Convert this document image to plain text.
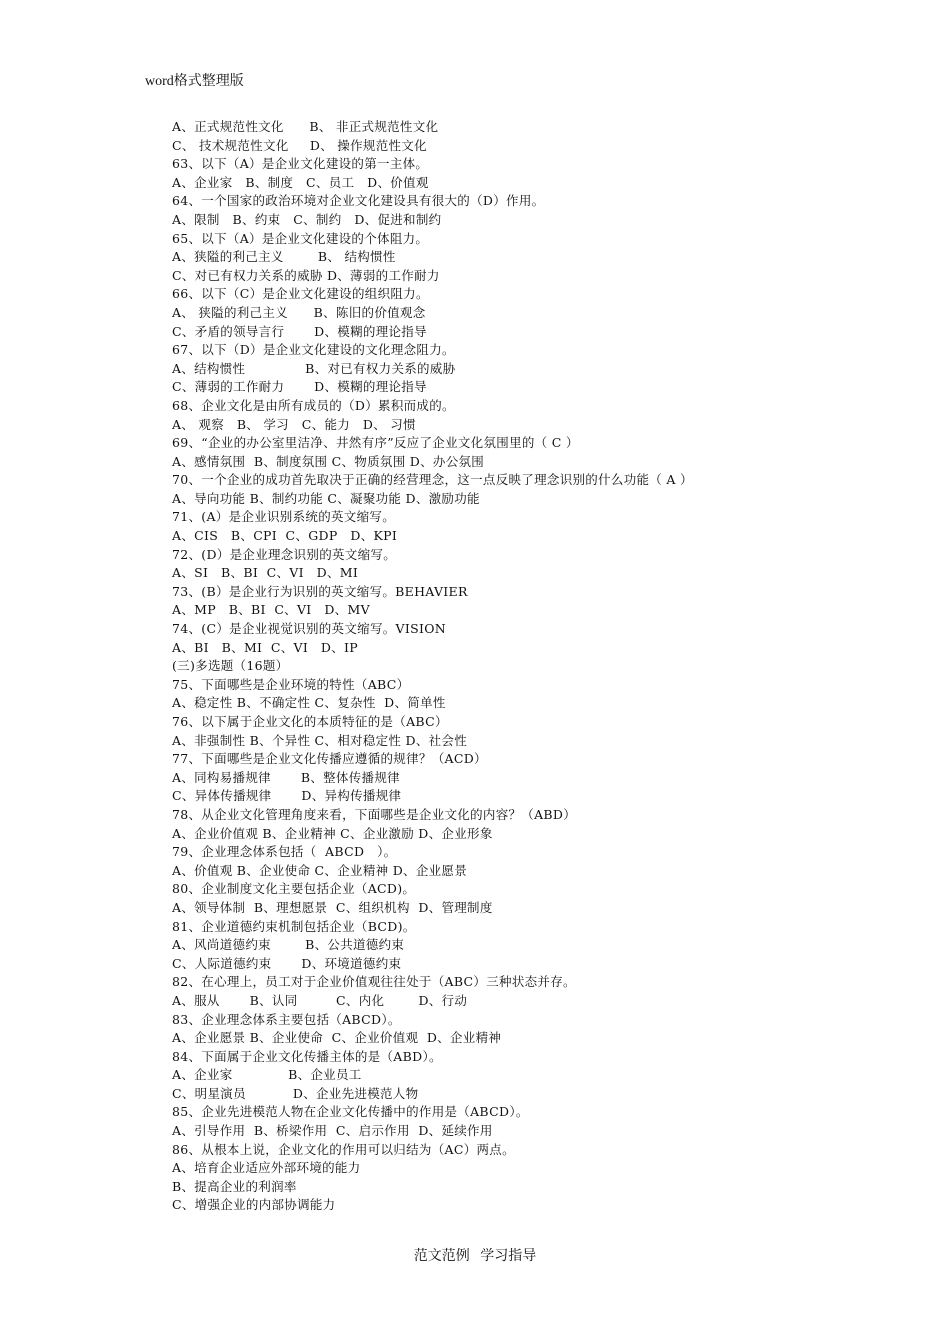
word格式整理版
A、正式规范性文化      B、 非正式规范性文化
C、 技术规范性文化     D、 操作规范性文化
63、以下（A）是企业文化建设的第一主体。
A、企业家   B、制度   C、员工   D、价值观
64、一个国家的政治环境对企业文化建设具有很大的（D）作用。
A、限制   B、约束   C、制约   D、促进和制约
65、以下（A）是企业文化建设的个体阻力。
A、狭隘的利己主义        B、 结构惯性
C、对已有权力关系的威胁 D、薄弱的工作耐力
66、以下（C）是企业文化建设的组织阻力。
A、 狭隘的利己主义      B、陈旧的价值观念
C、矛盾的领导言行       D、模糊的理论指导
67、以下（D）是企业文化建设的文化理念阻力。
A、结构惯性              B、对已有权力关系的威胁
C、薄弱的工作耐力       D、模糊的理论指导
68、企业文化是由所有成员的（D）累积而成的。
A、 观察   B、 学习   C、能力   D、 习惯
69、“企业的办公室里洁净、井然有序”反应了企业文化氛围里的（ C ）
A、感情氛围  B、制度氛围 C、物质氛围 D、办公氛围
70、一个企业的成功首先取决于正确的经营理念，这一点反映了理念识别的什么功能（ A ）
A、导向功能 B、制约功能 C、凝聚功能 D、激励功能
71、(A）是企业识别系统的英文缩写。
A、CIS   B、CPI  C、GDP   D、KPI
72、(D）是企业理念识别的英文缩写。
A、SI   B、BI  C、VI   D、MI
73、(B）是企业行为识别的英文缩写。BEHAVIER
A、MP   B、BI  C、VI   D、MV
74、(C）是企业视觉识别的英文缩写。VISION
A、BI   B、MI  C、VI   D、IP
(三)多选题（16题）
75、下面哪些是企业环境的特性（ABC）
A、稳定性 B、不确定性 C、复杂性  D、简单性
76、以下属于企业文化的本质特征的是（ABC）
A、非强制性 B、个异性 C、相对稳定性 D、社会性
77、下面哪些是企业文化传播应遵循的规律？（ACD）
A、同构易播规律       B、整体传播规律
C、异体传播规律       D、异构传播规律
78、从企业文化管理角度来看，下面哪些是企业文化的内容？（ABD）
A、企业价值观 B、企业精神 C、企业激励 D、企业形象
79、企业理念体系包括（  ABCD   ）。
A、价值观 B、企业使命 C、企业精神 D、企业愿景
80、企业制度文化主要包括企业（ACD)。
A、领导体制  B、理想愿景  C、组织机构  D、管理制度
81、企业道德约束机制包括企业（BCD)。
A、风尚道德约束        B、公共道德约束
C、人际道德约束       D、环境道德约束
82、在心理上，员工对于企业价值观往往处于（ABC）三种状态并存。
A、服从       B、认同         C、内化        D、行动
83、企业理念体系主要包括（ABCD）。
A、企业愿景 B、企业使命  C、企业价值观  D、企业精神
84、下面属于企业文化传播主体的是（ABD）。
A、企业家             B、企业员工
C、明星演员           D、企业先进模范人物
85、企业先进模范人物在企业文化传播中的作用是（ABCD）。
A、引导作用  B、桥梁作用  C、启示作用  D、延续作用
86、从根本上说，企业文化的作用可以归结为（AC）两点。
A、培育企业适应外部环境的能力
B、提高企业的利润率
C、增强企业的内部协调能力
范文范例   学习指导
